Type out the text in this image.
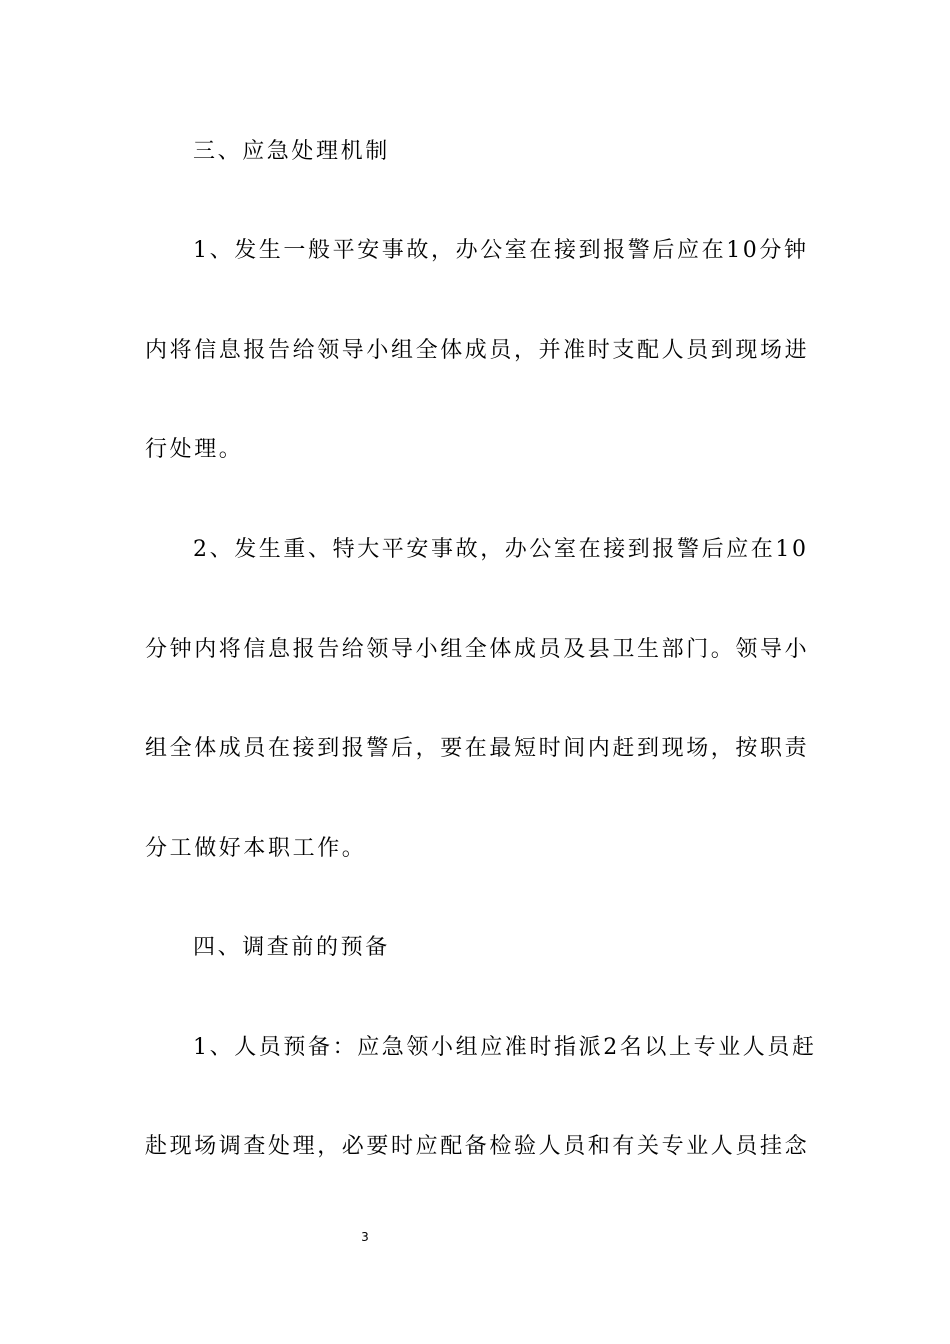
三、应急处理机制
1、发生一般平安事故，办公室在接到报警后应在10分钟
内将信息报告给领导小组全体成员，并准时支配人员到现场进
行处理。
2、发生重、特大平安事故，办公室在接到报警后应在10
分钟内将信息报告给领导小组全体成员及县卫生部门。领导小
组全体成员在接到报警后，要在最短时间内赶到现场，按职责
分工做好本职工作。
四、调查前的预备
1、人员预备：应急领小组应准时指派2名以上专业人员赶
赴现场调查处理，必要时应配备检验人员和有关专业人员挂念
3
